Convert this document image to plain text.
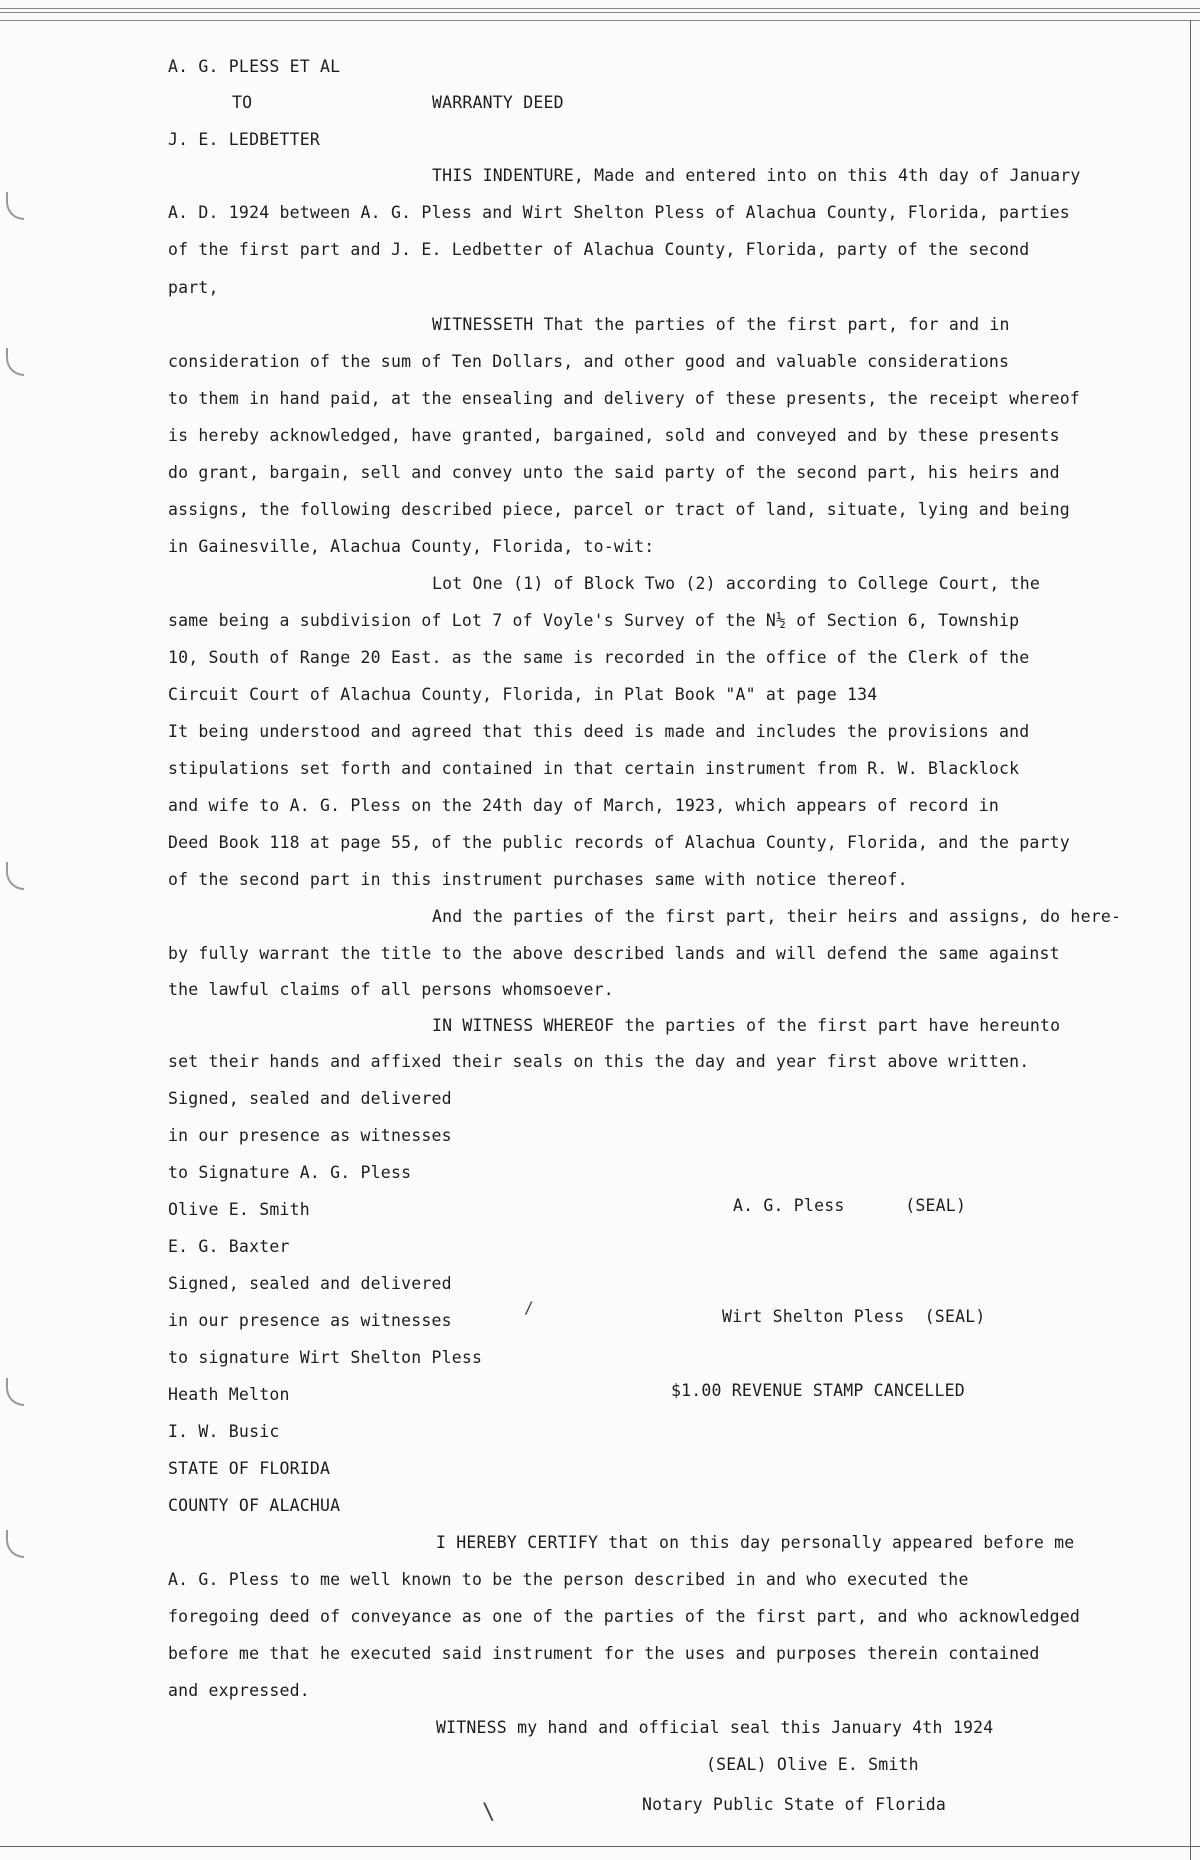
A. G. PLESS ET AL
TO	WARRANTY DEED
J. E. LEDBETTER
THIS INDENTURE, Made and entered into on this 4th day of January
A. D. 1924 between A. G. Pless and Wirt Shelton Pless of Alachua County, Florida, parties
of the first part and J. E. Ledbetter of Alachua County, Florida, party of the second
part,
WITNESSETH That the parties of the first part, for and in
consideration of the sum of Ten Dollars, and other good and valuable considerations
to them in hand paid, at the ensealing and delivery of these presents, the receipt whereof
is hereby acknowledged, have granted, bargained, sold and conveyed and by these presents
do grant, bargain, sell and convey unto the said party of the second part, his heirs and
assigns, the following described piece, parcel or tract of land, situate, lying and being
in Gainesville, Alachua County, Florida, to-wit:
Lot One (1) of Block Two (2) according to College Court, the
same being a subdivision of Lot 7 of Voyle's Survey of the N½ of Section 6, Township
10, South of Range 20 East. as the same is recorded in the office of the Clerk of the
Circuit Court of Alachua County, Florida, in Plat Book "A" at page 134
It being understood and agreed that this deed is made and includes the provisions and
stipulations set forth and contained in that certain instrument from R. W. Blacklock
and wife to A. G. Pless on the 24th day of March, 1923, which appears of record in
Deed Book 118 at page 55, of the public records of Alachua County, Florida, and the party
of the second part in this instrument purchases same with notice thereof.
And the parties of the first part, their heirs and assigns, do here-
by fully warrant the title to the above described lands and will defend the same against
the lawful claims of all persons whomsoever.
IN WITNESS WHEREOF the parties of the first part have hereunto
set their hands and affixed their seals on this the day and year first above written.
Signed, sealed and delivered
in our presence as witnesses
to Signature A. G. Pless
Olive E. Smith	A. G. Pless      (SEAL)
E. G. Baxter
Signed, sealed and delivered
in our presence as witnesses	Wirt Shelton Pless  (SEAL)
/
to signature Wirt Shelton Pless
Heath Melton	$1.00 REVENUE STAMP CANCELLED
I. W. Busic
STATE OF FLORIDA
COUNTY OF ALACHUA
I HEREBY CERTIFY that on this day personally appeared before me
A. G. Pless to me well known to be the person described in and who executed the
foregoing deed of conveyance as one of the parties of the first part, and who acknowledged
before me that he executed said instrument for the uses and purposes therein contained
and expressed.
WITNESS my hand and official seal this January 4th 1924
(SEAL) Olive E. Smith
Notary Public State of Florida
\
